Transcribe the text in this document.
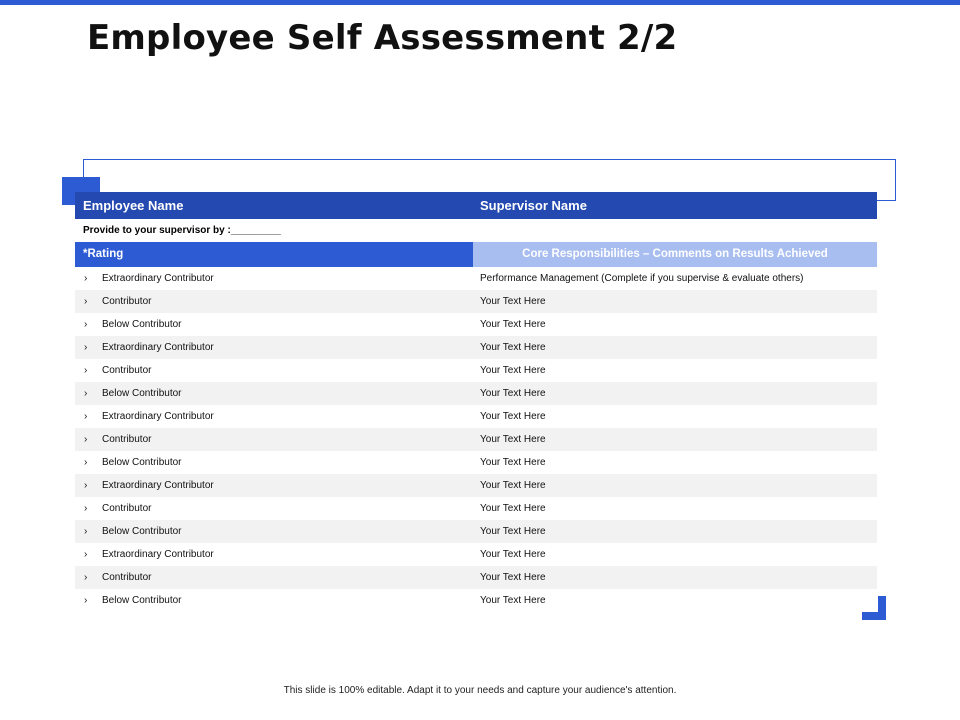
Employee Self Assessment 2/2
Employee Name	Supervisor Name
Provide to your supervisor by :_________
*Rating	Core Responsibilities – Comments on Results Achieved
› Extraordinary Contributor	Performance Management (Complete if you supervise & evaluate others)
› Contributor	Your Text Here
› Below Contributor	Your Text Here
› Extraordinary Contributor	Your Text Here
› Contributor	Your Text Here
› Below Contributor	Your Text Here
› Extraordinary Contributor	Your Text Here
› Contributor	Your Text Here
› Below Contributor	Your Text Here
› Extraordinary Contributor	Your Text Here
› Contributor	Your Text Here
› Below Contributor	Your Text Here
› Extraordinary Contributor	Your Text Here
› Contributor	Your Text Here
› Below Contributor	Your Text Here
This slide is 100% editable. Adapt it to your needs and capture your audience's attention.
